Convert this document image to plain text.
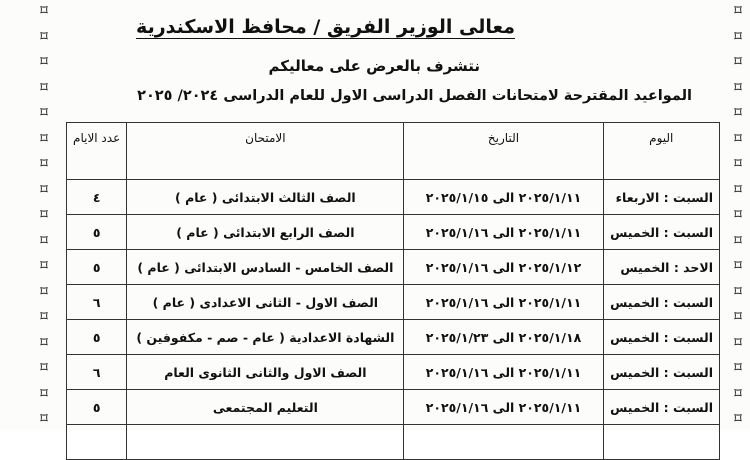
⌑
⌑
⌑
⌑
⌑
⌑
⌑
⌑
⌑
⌑
⌑
⌑
⌑
⌑
⌑
⌑
⌑
⌑
⌑
⌑
⌑
⌑
⌑
⌑
⌑
⌑
⌑
⌑
⌑
⌑
⌑
⌑
⌑
⌑
معالى الوزير الفريق / محافظ الاسكندرية
نتشرف بالعرض على معاليكم
المواعيد المقترحة لامتحانات الفصل الدراسى الاول للعام الدراسى ٢٠٢٤/ ٢٠٢٥
اليوم	التاريخ	الامتحان	عدد الايام
السبت : الاربعاء	٢٠٢٥/١/١١ الى ٢٠٢٥/١/١٥	الصف الثالث الابتدائى ( عام )	٤
السبت : الخميس	٢٠٢٥/١/١١ الى ٢٠٢٥/١/١٦	الصف الرابع الابتدائى ( عام )	٥
الاحد : الخميس	٢٠٢٥/١/١٢ الى ٢٠٢٥/١/١٦	الصف الخامس - السادس الابتدائى ( عام )	٥
السبت : الخميس	٢٠٢٥/١/١١ الى ٢٠٢٥/١/١٦	الصف الاول - الثانى الاعدادى ( عام )	٦
السبت : الخميس	٢٠٢٥/١/١٨ الى ٢٠٢٥/١/٢٣	الشهادة الاعدادية ( عام - صم - مكفوفين )	٥
السبت : الخميس	٢٠٢٥/١/١١ الى ٢٠٢٥/١/١٦	الصف الاول والثانى الثانوى العام	٦
السبت : الخميس	٢٠٢٥/١/١١ الى ٢٠٢٥/١/١٦	التعليم المجتمعى	٥
